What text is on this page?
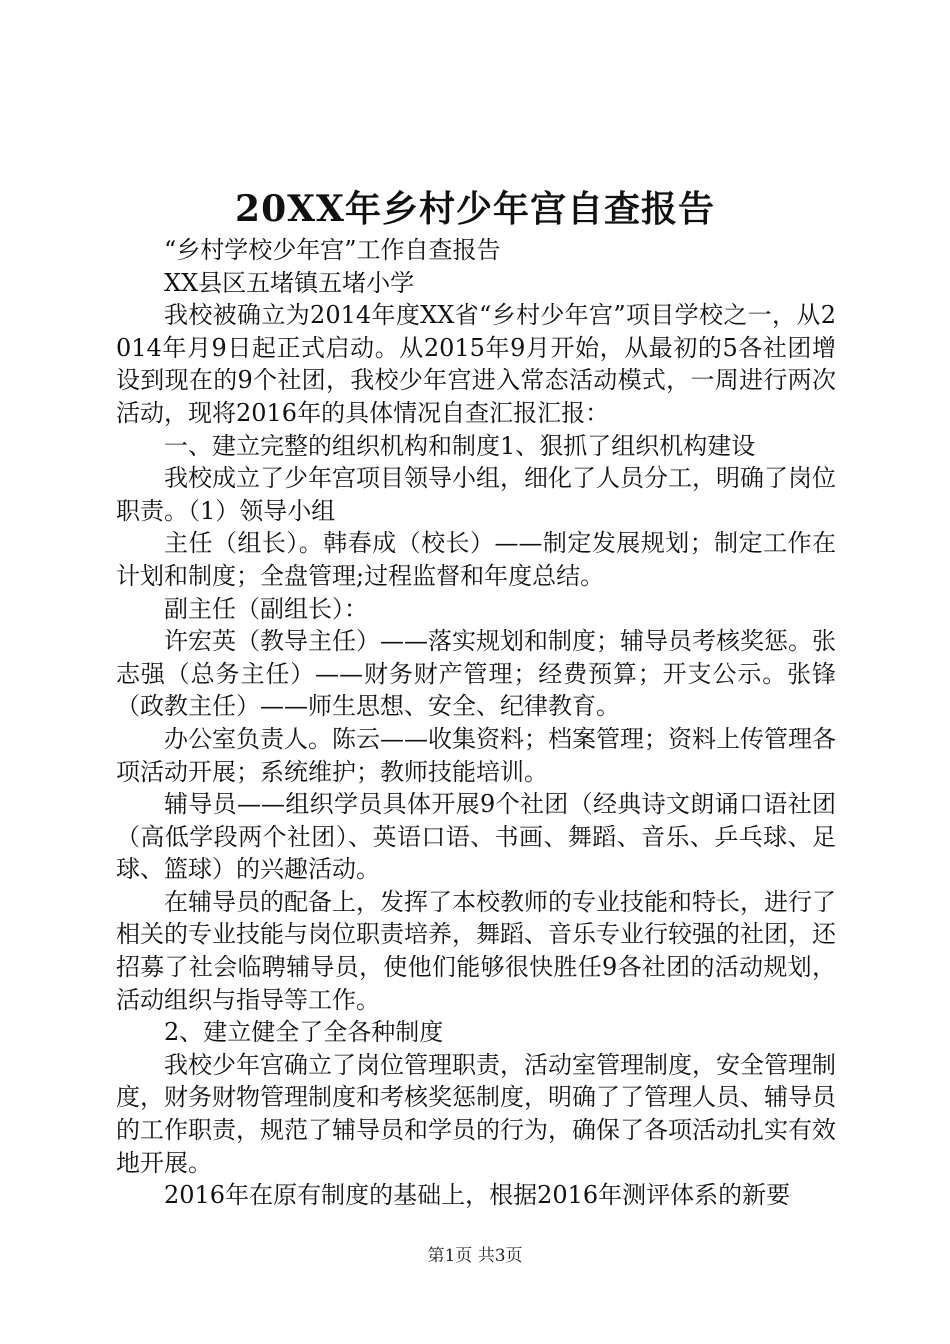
20XX年乡村少年宫自查报告

“乡村学校少年宫”工作自查报告

XX县区五堵镇五堵小学

我校被确立为2014年度XX省“乡村少年宫”项目学校之一，从2014年月9日起正式启动。从2015年9月开始，从最初的5各社团增设到现在的9个社团，我校少年宫进入常态活动模式，一周进行两次活动，现将2016年的具体情况自查汇报汇报：

一、建立完整的组织机构和制度1、狠抓了组织机构建设

我校成立了少年宫项目领导小组，细化了人员分工，明确了岗位职责。（1）领导小组

主任（组长）。韩春成（校长）——制定发展规划；制定工作在计划和制度；全盘管理;过程监督和年度总结。

副主任（副组长）：

许宏英（教导主任）——落实规划和制度；辅导员考核奖惩。张志强（总务主任）——财务财产管理；经费预算；开支公示。张锋（政教主任）——师生思想、安全、纪律教育。

办公室负责人。陈云——收集资料；档案管理；资料上传管理各项活动开展；系统维护；教师技能培训。

辅导员——组织学员具体开展9个社团（经典诗文朗诵口语社团（高低学段两个社团）、英语口语、书画、舞蹈、音乐、乒乓球、足球、篮球）的兴趣活动。

在辅导员的配备上，发挥了本校教师的专业技能和特长，进行了相关的专业技能与岗位职责培养，舞蹈、音乐专业行较强的社团，还招募了社会临聘辅导员，使他们能够很快胜任9各社团的活动规划，活动组织与指导等工作。

2、建立健全了全各种制度

我校少年宫确立了岗位管理职责，活动室管理制度，安全管理制度，财务财物管理制度和考核奖惩制度，明确了了管理人员、辅导员的工作职责，规范了辅导员和学员的行为，确保了各项活动扎实有效地开展。

2016年在原有制度的基础上，根据2016年测评体系的新要

第1页 共3页
